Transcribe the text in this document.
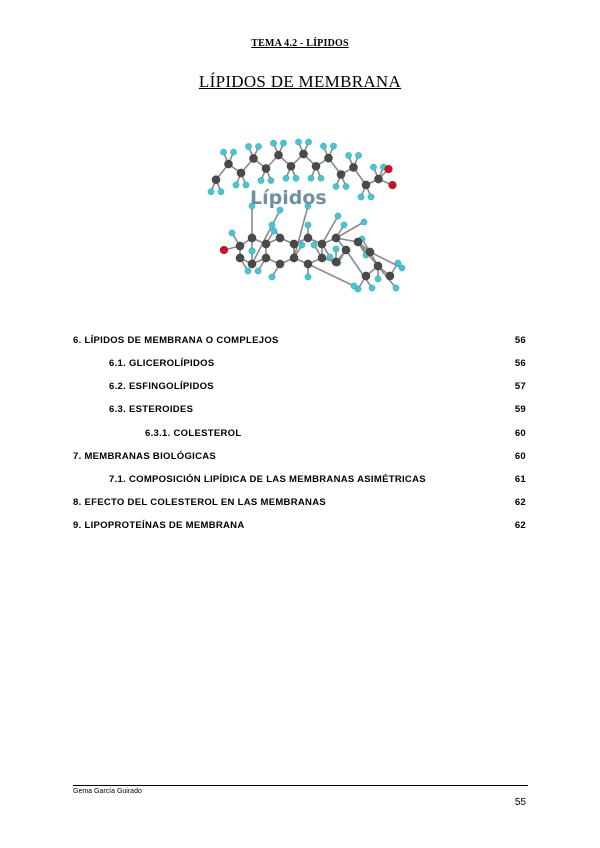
TEMA 4.2 - LÍPIDOS
LÍPIDOS DE MEMBRANA
Lípidos
6. LÍPIDOS DE MEMBRANA O COMPLEJOS	56
6.1. GLICEROLÍPIDOS	56
6.2. ESFINGOLÍPIDOS	57
6.3. ESTEROIDES	59
6.3.1. COLESTEROL	60
7. MEMBRANAS BIOLÓGICAS	60
7.1. COMPOSICIÓN LIPÍDICA DE LAS MEMBRANAS ASIMÉTRICAS	61
8. EFECTO DEL COLESTEROL EN LAS MEMBRANAS	62
9. LIPOPROTEÍNAS DE MEMBRANA	62
Gema García Guirado
55
